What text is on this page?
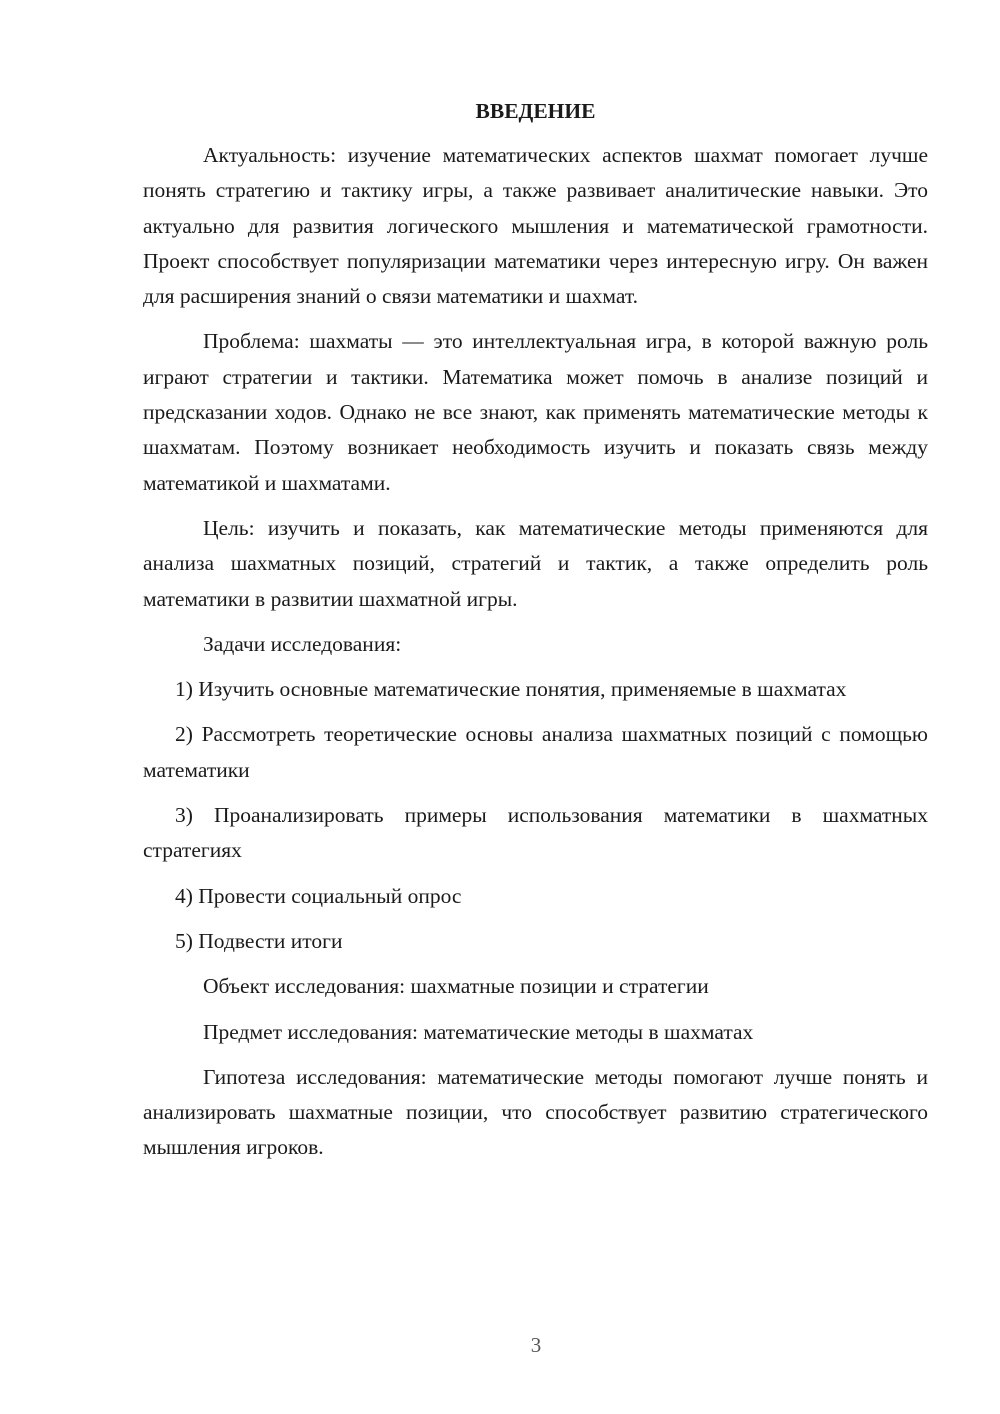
ВВЕДЕНИЕ

Актуальность: изучение математических аспектов шахмат помогает лучше понять стратегию и тактику игры, а также развивает аналитические навыки. Это актуально для развития логического мышления и математической грамотности. Проект способствует популяризации математики через интересную игру. Он важен для расширения знаний о связи математики и шахмат.

Проблема: шахматы — это интеллектуальная игра, в которой важную роль играют стратегии и тактики. Математика может помочь в анализе позиций и предсказании ходов. Однако не все знают, как применять математические методы к шахматам. Поэтому возникает необходимость изучить и показать связь между математикой и шахматами.

Цель: изучить и показать, как математические методы применяются для анализа шахматных позиций, стратегий и тактик, а также определить роль математики в развитии шахматной игры.

Задачи исследования:

1) Изучить основные математические понятия, применяемые в шахматах

2) Рассмотреть теоретические основы анализа шахматных позиций с помощью математики

3) Проанализировать примеры использования математики в шахматных стратегиях

4) Провести социальный опрос

5) Подвести итоги

Объект исследования: шахматные позиции и стратегии

Предмет исследования: математические методы в шахматах

Гипотеза исследования: математические методы помогают лучше понять и анализировать шахматные позиции, что способствует развитию стратегического мышления игроков.

3
